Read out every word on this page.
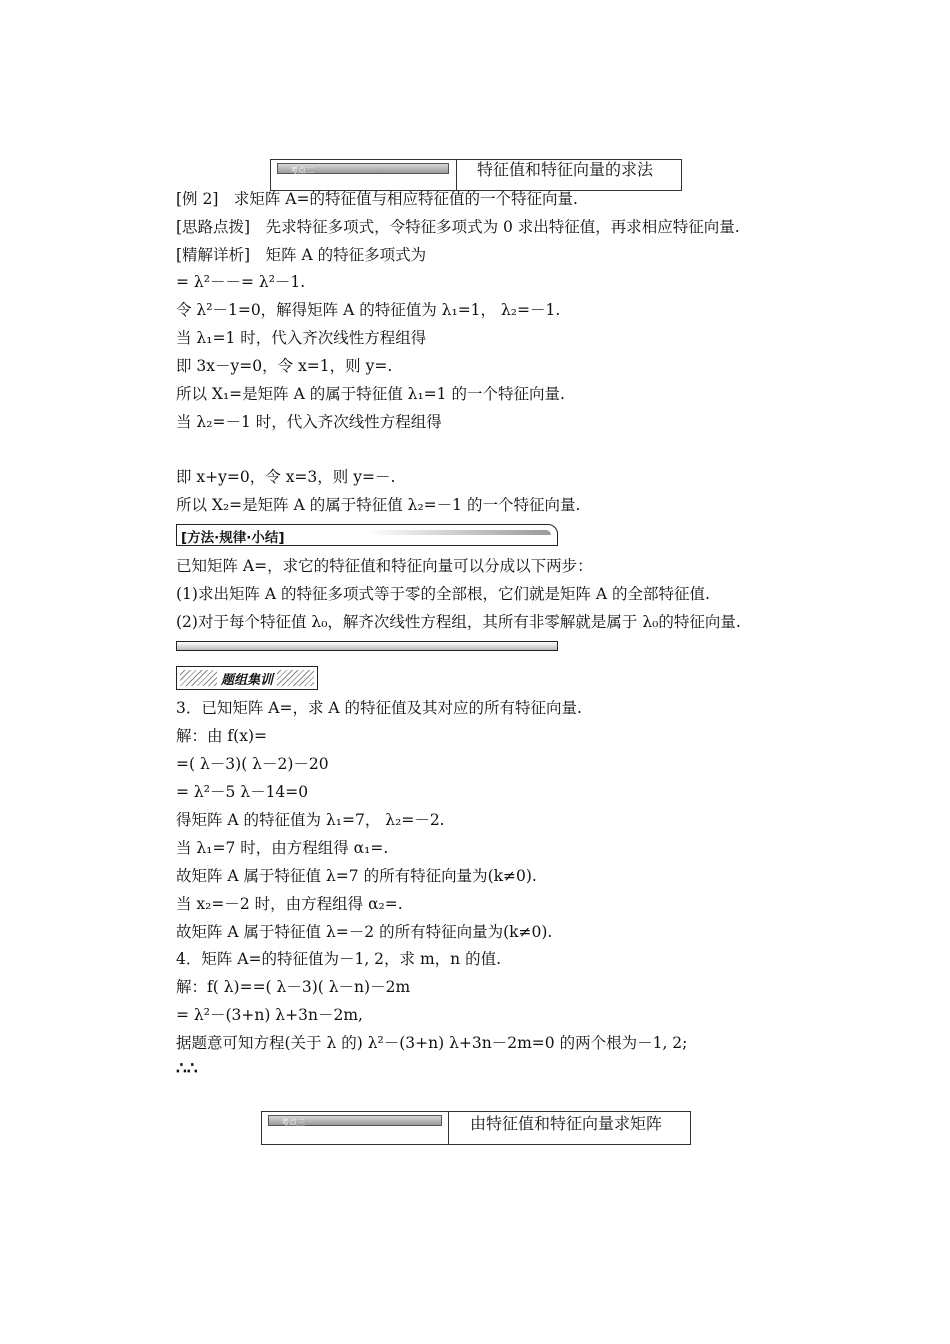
考点二	特征值和特征向量的求法
[例 2]　求矩阵 A=的特征值与相应特征值的一个特征向量.
[思路点拨]　先求特征多项式，令特征多项式为 0 求出特征值，再求相应特征向量.
[精解详析]　矩阵 A 的特征多项式为
= λ²－－= λ²－1.
令 λ²－1=0，解得矩阵 A 的特征值为 λ₁=1， λ₂=－1.
当 λ₁=1 时，代入齐次线性方程组得
即 3x－y=0，令 x=1，则 y=.
所以 X₁=是矩阵 A 的属于特征值 λ₁=1 的一个特征向量.
当 λ₂=－1 时，代入齐次线性方程组得
即 x+y=0，令 x=3，则 y=－.
所以 X₂=是矩阵 A 的属于特征值 λ₂=－1 的一个特征向量.
[方法·规律·小结]
已知矩阵 A=，求它的特征值和特征向量可以分成以下两步：
(1)求出矩阵 A 的特征多项式等于零的全部根，它们就是矩阵 A 的全部特征值.
(2)对于每个特征值 λ₀，解齐次线性方程组，其所有非零解就是属于 λ₀的特征向量.
题组集训
3．已知矩阵 A=，求 A 的特征值及其对应的所有特征向量.
解：由 f(x)=
=( λ－3)( λ－2)－20
= λ²－5 λ－14=0
得矩阵 A 的特征值为 λ₁=7， λ₂=－2.
当 λ₁=7 时，由方程组得 α₁=.
故矩阵 A 属于特征值 λ=7 的所有特征向量为(k≠0).
当 x₂=－2 时，由方程组得 α₂=.
故矩阵 A 属于特征值 λ=－2 的所有特征向量为(k≠0).
4．矩阵 A=的特征值为－1, 2，求 m，n 的值.
解：f( λ)==( λ－3)( λ－n)－2m
= λ²－(3+n) λ+3n－2m,
据题意可知方程(关于 λ 的) λ²－(3+n) λ+3n－2m=0 的两个根为－1, 2;
∴∴
考点三	由特征值和特征向量求矩阵
